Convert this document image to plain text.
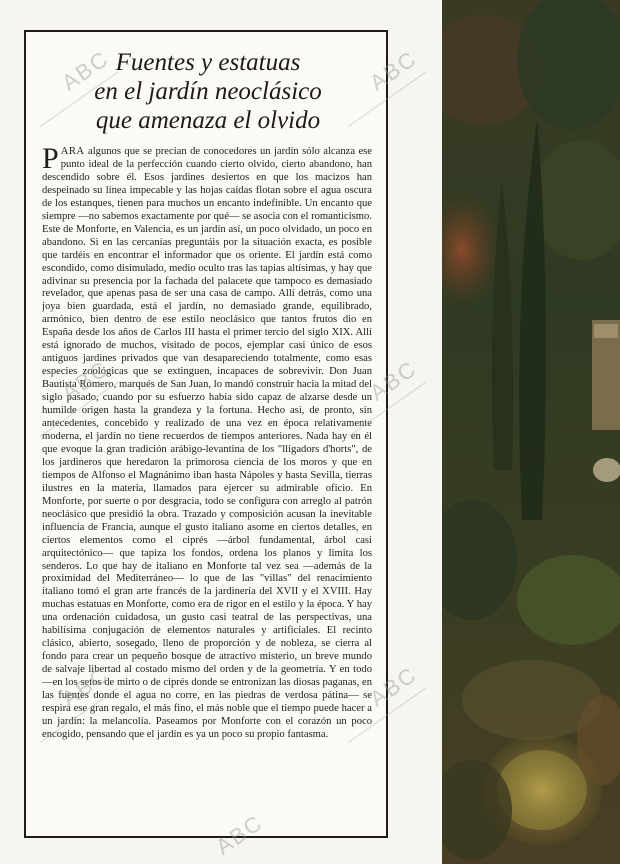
Fuentes y estatuas
en el jardín neoclásico
que amenaza el olvido

PARA algunos que se precian de conocedores un jardín sólo alcanza ese punto ideal de la perfección cuando cierto olvido, cierto abandono, han descendido sobre él. Esos jardines desiertos en que los macizos han despeinado su línea impecable y las hojas caídas flotan sobre el agua oscura de los estanques, tienen para muchos un encanto indefinible. Un encanto que siempre —no sabemos exactamente por qué— se asocia con el romanticismo. Este de Monforte, en Valencia, es un jardín así, un poco olvidado, un poco en abandono. Si en las cercanías preguntáis por la situación exacta, es posible que tardéis en encontrar el informador que os oriente. El jardín está como escondido, como disimulado, medio oculto tras las tapias altísimas, y hay que adivinar su presencia por la fachada del palacete que tampoco es demasiado revelador, que apenas pasa de ser una casa de campo. Allí detrás, como una joya bien guardada, está el jardín, no demasiado grande, equilibrado, armónico, bien dentro de ese estilo neoclásico que tantos frutos dio en España desde los años de Carlos III hasta el primer tercio del siglo XIX. Allí está ignorado de muchos, visitado de pocos, ejemplar casi único de esos antiguos jardines privados que van desapareciendo totalmente, como esas especies zoológicas que se extinguen, incapaces de sobrevivir. Don Juan Bautista Romero, marqués de San Juan, lo mandó construir hacia la mitad del siglo pasado, cuando por su esfuerzo había sido capaz de alzarse desde un humilde origen hasta la grandeza y la fortuna. Hecho así, de pronto, sin antecedentes, concebido y realizado de una vez en época relativamente moderna, el jardín no tiene recuerdos de tiempos anteriores. Nada hay en él que evoque la gran tradición arábigo-levantina de los "lligadors d'horts", de los jardineros que heredaron la primorosa ciencia de los moros y que en tiempos de Alfonso el Magnánimo iban hasta Nápoles y hasta Sevilla, tierras ilustres en la materia, llamados para ejercer su admirable oficio. En Monforte, por suerte o por desgracia, todo se configura con arreglo al patrón neoclásico que presidió la obra. Trazado y composición acusan la inevitable influencia de Francia, aunque el gusto italiano asome en ciertos detalles, en ciertos elementos como el ciprés —árbol fundamental, árbol casi arquitectónico— que tapiza los fondos, ordena los planos y limita los senderos. Lo que hay de italiano en Monforte tal vez sea —además de la proximidad del Mediterráneo— lo que de las "villas" del renacimiento italiano tomó el gran arte francés de la jardinería del XVII y el XVIII. Hay muchas estatuas en Monforte, como era de rigor en el estilo y la época. Y hay una ordenación cuidadosa, un gusto casi teatral de las perspectivas, una habilísima conjugación de elementos naturales y artificiales. El recinto clásico, abierto, sosegado, lleno de proporción y de nobleza, se cierra al fondo para crear un pequeño bosque de atractivo misterio, un breve mundo de salvaje libertad al costado mismo del orden y de la geometría. Y en todo —en los setos de mirto o de ciprés donde se entronizan las diosas paganas, en las fuentes donde el agua no corre, en las piedras de verdosa pátina— se respira ese gran regalo, el más fino, el más noble que el tiempo puede hacer a un jardín: la melancolía. Paseamos por Monforte con el corazón un poco encogido, pensando que el jardín es ya un poco su propio fantasma.

ABC	ABC
ABC	ABC
ABC	ABC
ABC
